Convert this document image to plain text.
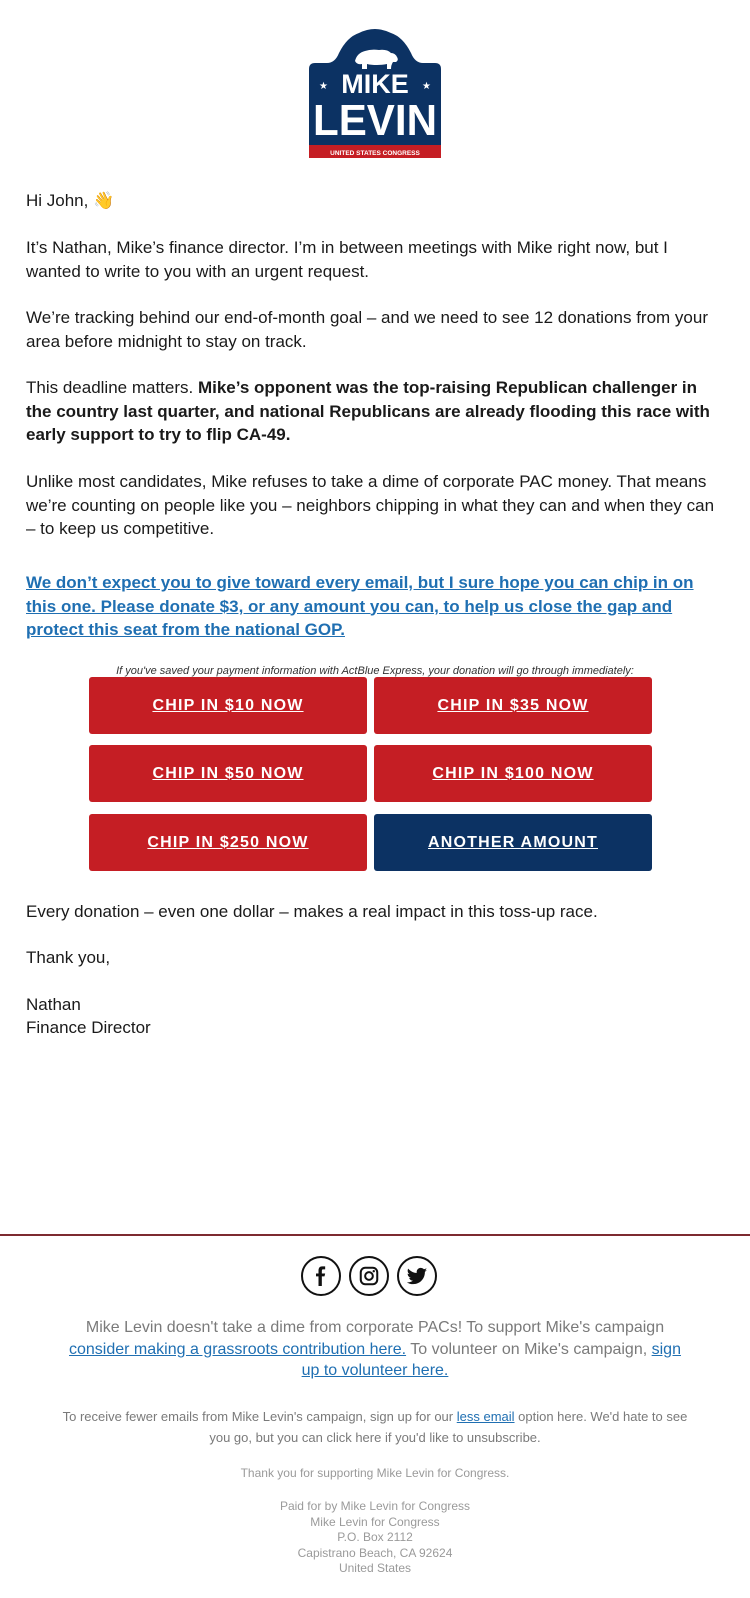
★	★
MIKE
LEVIN
UNITED STATES CONGRESS
Hi John, 👋
It’s Nathan, Mike’s finance director. I’m in between meetings with Mike right now, but I wanted to write to you with an urgent request.
We’re tracking behind our end-of-month goal – and we need to see 12 donations from your area before midnight to stay on track.
This deadline matters. Mike’s opponent was the top-raising Republican challenger in the country last quarter, and national Republicans are already flooding this race with early support to try to flip CA-49.
Unlike most candidates, Mike refuses to take a dime of corporate PAC money. That means we’re counting on people like you – neighbors chipping in what they can and when they can – to keep us competitive.
We don’t expect you to give toward every email, but I sure hope you can chip in on this one. Please donate $3, or any amount you can, to help us close the gap and protect this seat from the national GOP.
If you've saved your payment information with ActBlue Express, your donation will go through immediately:
CHIP IN $10 NOW	CHIP IN $35 NOW
CHIP IN $50 NOW	CHIP IN $100 NOW
CHIP IN $250 NOW	ANOTHER AMOUNT
Every donation – even one dollar – makes a real impact in this toss-up race.
Thank you,
Nathan
Finance Director
Mike Levin doesn't take a dime from corporate PACs! To support Mike's campaign consider making a grassroots contribution here. To volunteer on Mike's campaign, sign up to volunteer here.
To receive fewer emails from Mike Levin's campaign, sign up for our less email option here. We'd hate to see you go, but you can click here if you'd like to unsubscribe.
Thank you for supporting Mike Levin for Congress.
Paid for by Mike Levin for Congress
Mike Levin for Congress
P.O. Box 2112
Capistrano Beach, CA 92624
United States
